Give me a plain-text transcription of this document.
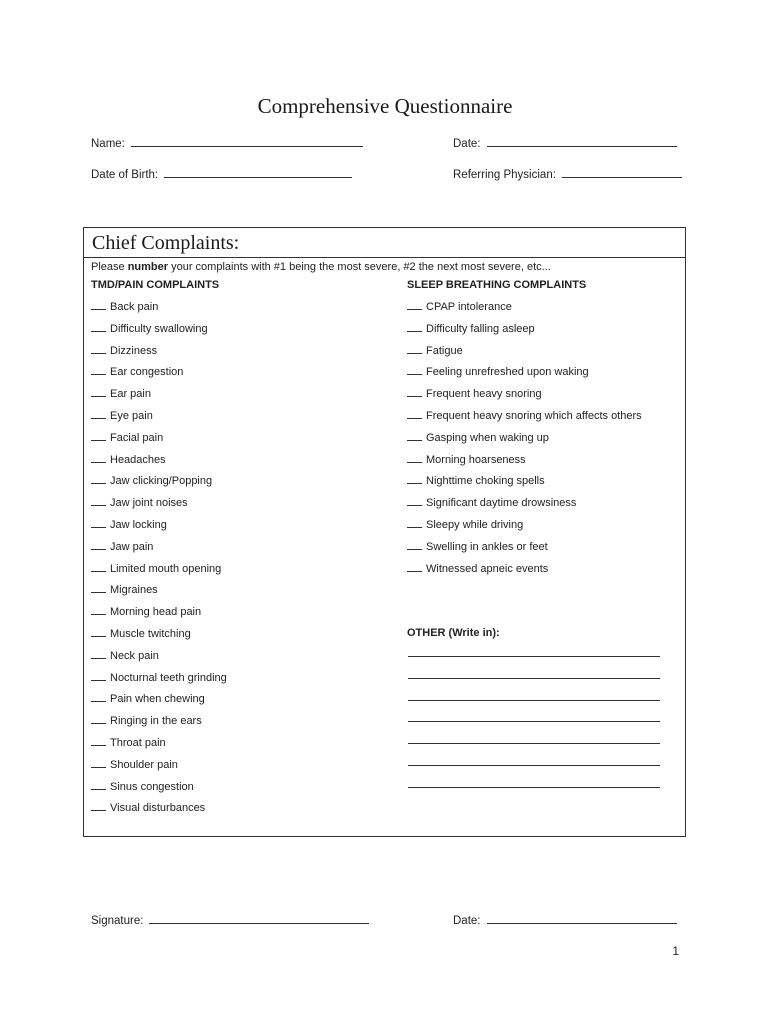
Comprehensive Questionnaire
Name:	Date:
Date of Birth:	Referring Physician:
Chief Complaints:
Please number your complaints with #1 being the most severe, #2 the next most severe, etc...
TMD/PAIN COMPLAINTS	SLEEP BREATHING COMPLAINTS
Back pain
Difficulty swallowing
Dizziness
Ear congestion
Ear pain
Eye pain
Facial pain
Headaches
Jaw clicking/Popping
Jaw joint noises
Jaw locking
Jaw pain
Limited mouth opening
Migraines
Morning head pain
Muscle twitching
Neck pain
Nocturnal teeth grinding
Pain when chewing
Ringing in the ears
Throat pain
Shoulder pain
Sinus congestion
Visual disturbances
CPAP intolerance
Difficulty falling asleep
Fatigue
Feeling unrefreshed upon waking
Frequent heavy snoring
Frequent heavy snoring which affects others
Gasping when waking up
Morning hoarseness
Nighttime choking spells
Significant daytime drowsiness
Sleepy while driving
Swelling in ankles or feet
Witnessed apneic events
OTHER (Write in):
Signature:	Date:
1
